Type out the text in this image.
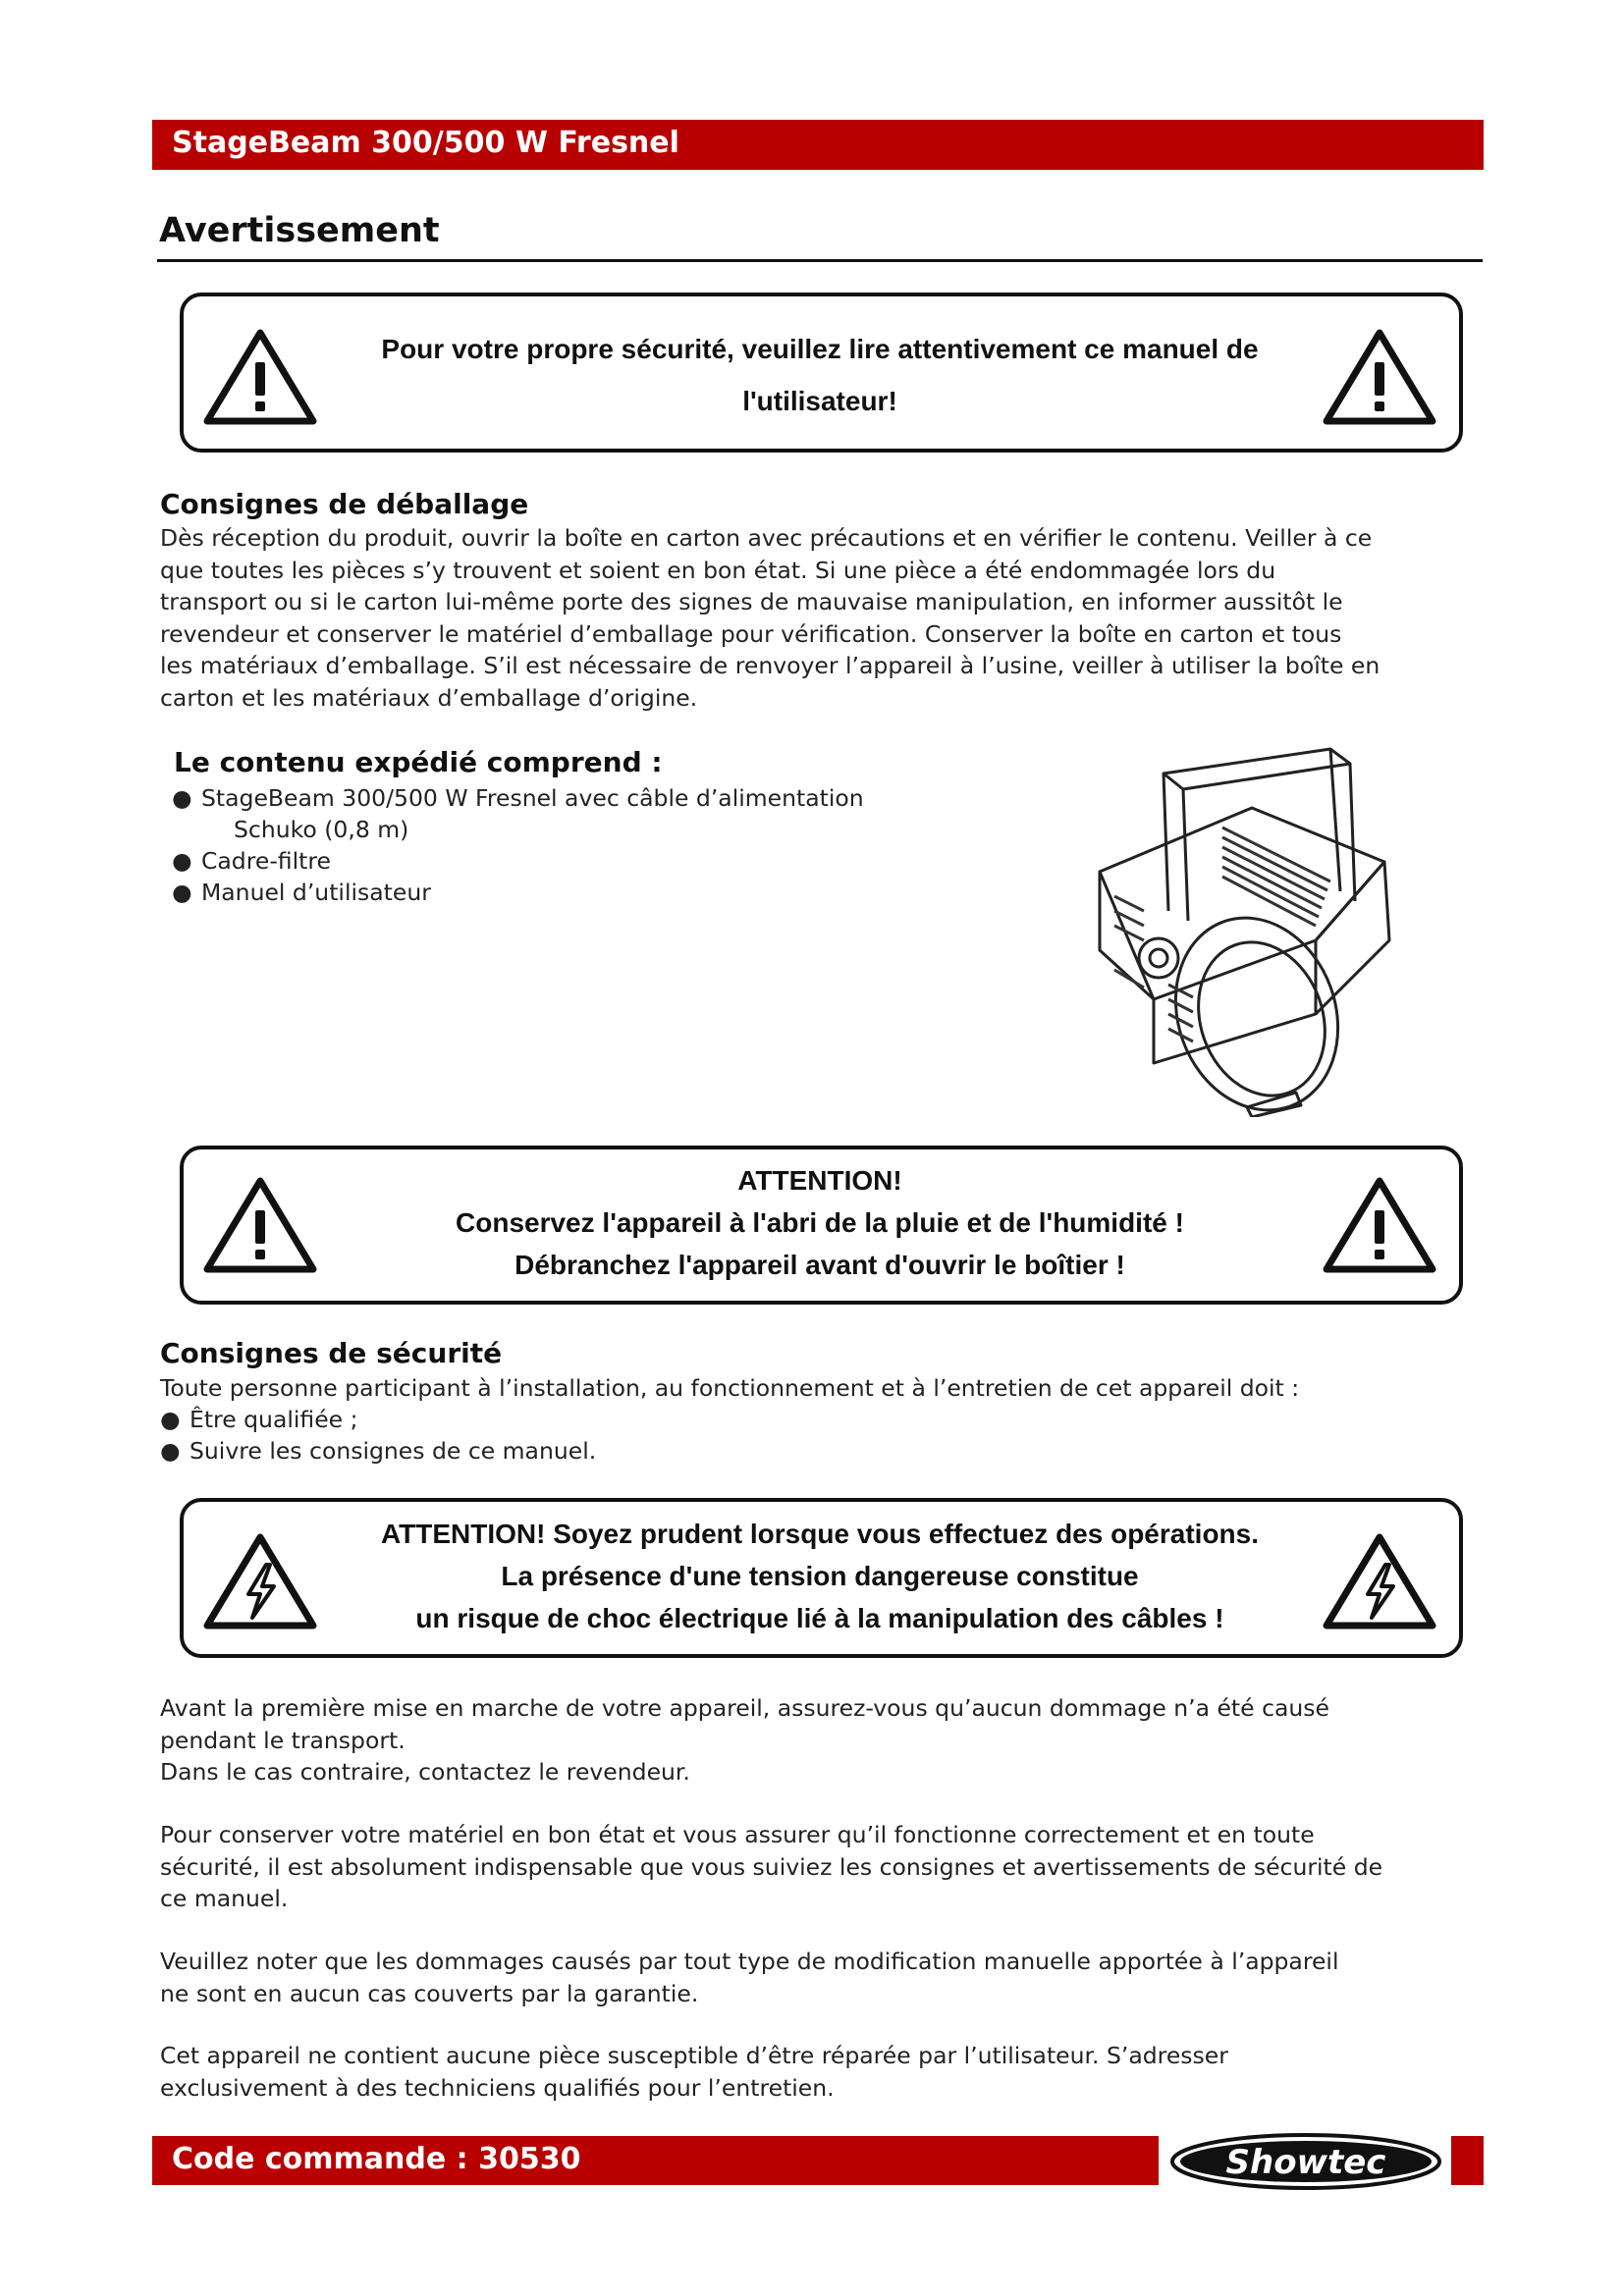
StageBeam 300/500 W Fresnel
Avertissement
Pour votre propre sécurité, veuillez lire attentivement ce manuel de
l'utilisateur!
Consignes de déballage
Dès réception du produit, ouvrir la boîte en carton avec précautions et en vérifier le contenu. Veiller à ce
que toutes les pièces s’y trouvent et soient en bon état. Si une pièce a été endommagée lors du
transport ou si le carton lui-même porte des signes de mauvaise manipulation, en informer aussitôt le
revendeur et conserver le matériel d’emballage pour vérification. Conserver la boîte en carton et tous
les matériaux d’emballage. S’il est nécessaire de renvoyer l’appareil à l’usine, veiller à utiliser la boîte en
carton et les matériaux d’emballage d’origine.
Le contenu expédié comprend :
● StageBeam 300/500 W Fresnel avec câble d’alimentation
Schuko (0,8 m)
● Cadre-filtre
● Manuel d’utilisateur
ATTENTION!
Conservez l'appareil à l'abri de la pluie et de l'humidité !
Débranchez l'appareil avant d'ouvrir le boîtier !
Consignes de sécurité
Toute personne participant à l’installation, au fonctionnement et à l’entretien de cet appareil doit :
● Être qualifiée ;
● Suivre les consignes de ce manuel.
ATTENTION! Soyez prudent lorsque vous effectuez des opérations.
La présence d'une tension dangereuse constitue
un risque de choc électrique lié à la manipulation des câbles !
Avant la première mise en marche de votre appareil, assurez-vous qu’aucun dommage n’a été causé
pendant le transport.
Dans le cas contraire, contactez le revendeur.
Pour conserver votre matériel en bon état et vous assurer qu’il fonctionne correctement et en toute
sécurité, il est absolument indispensable que vous suiviez les consignes et avertissements de sécurité de
ce manuel.
Veuillez noter que les dommages causés par tout type de modification manuelle apportée à l’appareil
ne sont en aucun cas couverts par la garantie.
Cet appareil ne contient aucune pièce susceptible d’être réparée par l’utilisateur. S’adresser
exclusivement à des techniciens qualifiés pour l’entretien.
Code commande : 30530	Showtec
